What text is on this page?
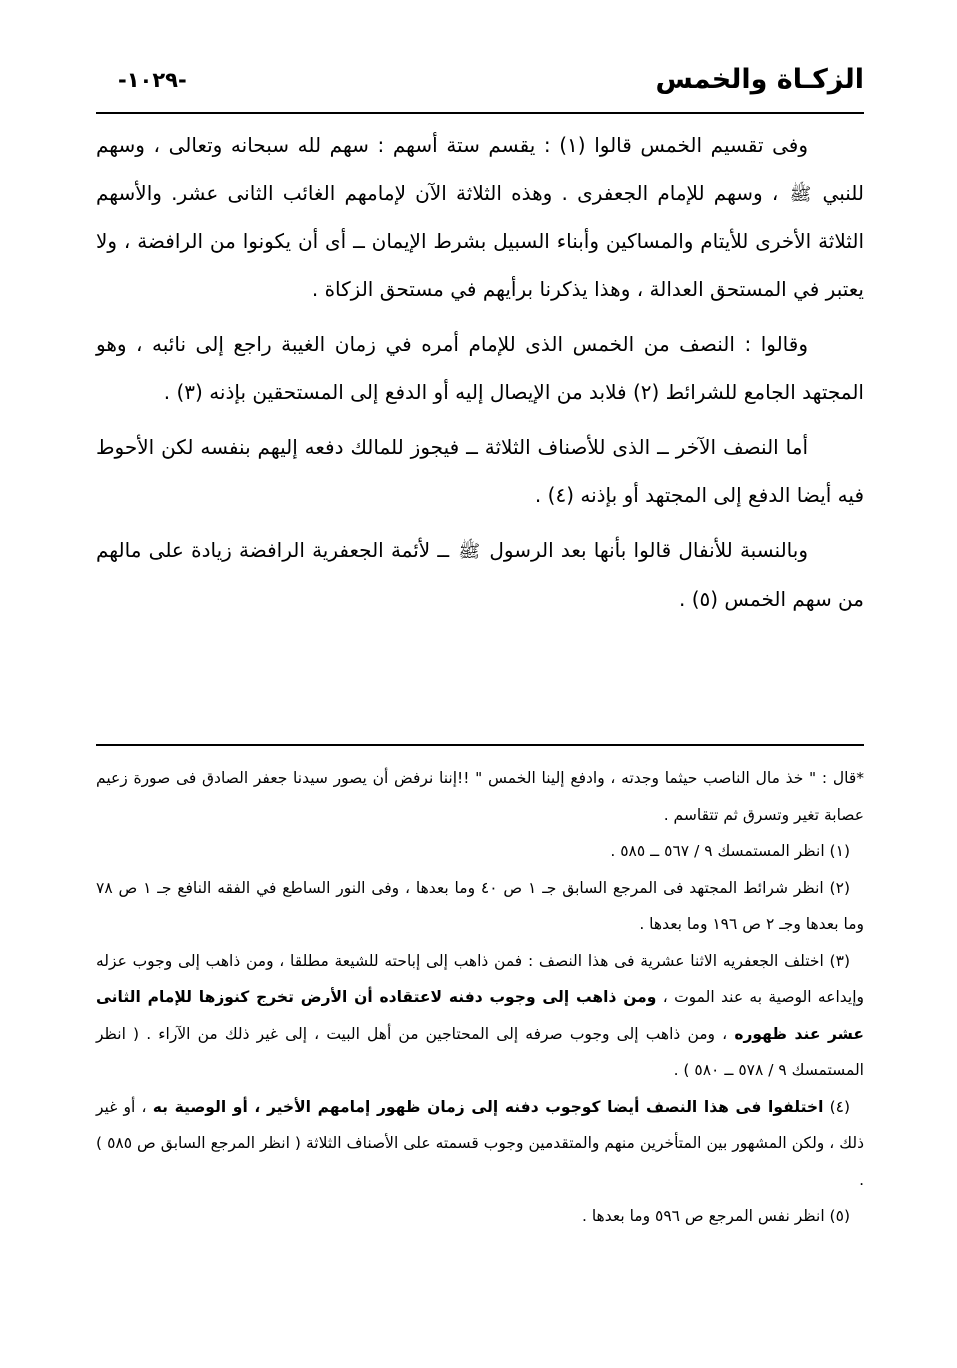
الزكـاة والخمس
-١٠٢٩-

وفى تقسيم الخمس قالوا (١) : يقسم ستة أسهم : سهم لله سبحانه وتعالى ، وسهم للنبي ﷺ ، وسهم للإمام الجعفرى . وهذه الثلاثة الآن لإمامهم الغائب الثانى عشر. والأسهم الثلاثة الأخرى للأيتام والمساكين وأبناء السبيل بشرط الإيمان ــ أى أن يكونوا من الرافضة ، ولا يعتبر في المستحق العدالة ، وهذا يذكرنا برأيهم في مستحق الزكاة .

وقالوا : النصف من الخمس الذى للإمام أمره في زمان الغيبة راجع إلى نائبه ، وهو المجتهد الجامع للشرائط (٢) فلابد من الإيصال إليه أو الدفع إلى المستحقين بإذنه (٣) .

أما النصف الآخر ــ الذى للأصناف الثلاثة ــ فيجوز للمالك دفعه إليهم بنفسه لكن الأحوط فيه أيضا الدفع إلى المجتهد أو بإذنه (٤) .

وبالنسبة للأنفال قالوا بأنها بعد الرسول ﷺ ــ لأئمة الجعفرية الرافضة زيادة على مالهم من سهم الخمس (٥) .

*قال : " خذ مال الناصب حيثما وجدته ، وادفع إلينا الخمس " !!إننا نرفض أن يصور سيدنا جعفر الصادق فى صورة زعيم عصابة تغير وتسرق ثم تتقاسم .

(١) انظر المستمسك ٩ / ٥٦٧ ــ ٥٨٥ .

(٢) انظر شرائط المجتهد فى المرجع السابق جـ ١ ص ٤٠ وما بعدها ، وفى النور الساطع في الفقه النافع جـ ١ ص ٧٨ وما بعدها وجـ ٢ ص ١٩٦ وما بعدها .

(٣) اختلف الجعفريه الاثنا عشرية فى هذا النصف : فمن ذاهب إلى إباحته للشيعة مطلقا ، ومن ذاهب إلى وجوب عزله وإيداعه الوصية به عند الموت ، ومن ذاهب إلى وجوب دفنه لاعتقاده أن الأرض تخرج كنوزها للإمام الثانى عشر عند ظهوره ، ومن ذاهب إلى وجوب صرفه إلى المحتاجين من أهل البيت ، إلى غير ذلك من الآراء . ( انظر المستمسك ٩ / ٥٧٨ ــ ٥٨٠ ) .

(٤) اختلفوا فى هذا النصف أيضا كوجوب دفنه إلى زمان ظهور إمامهم الأخير ، أو الوصية به ، أو غير ذلك ، ولكن المشهور بين المتأخرين منهم والمتقدمين وجوب قسمته على الأصناف الثلاثة ( انظر المرجع السابق ص ٥٨٥ ) .

(٥) انظر نفس المرجع ص ٥٩٦ وما بعدها .
